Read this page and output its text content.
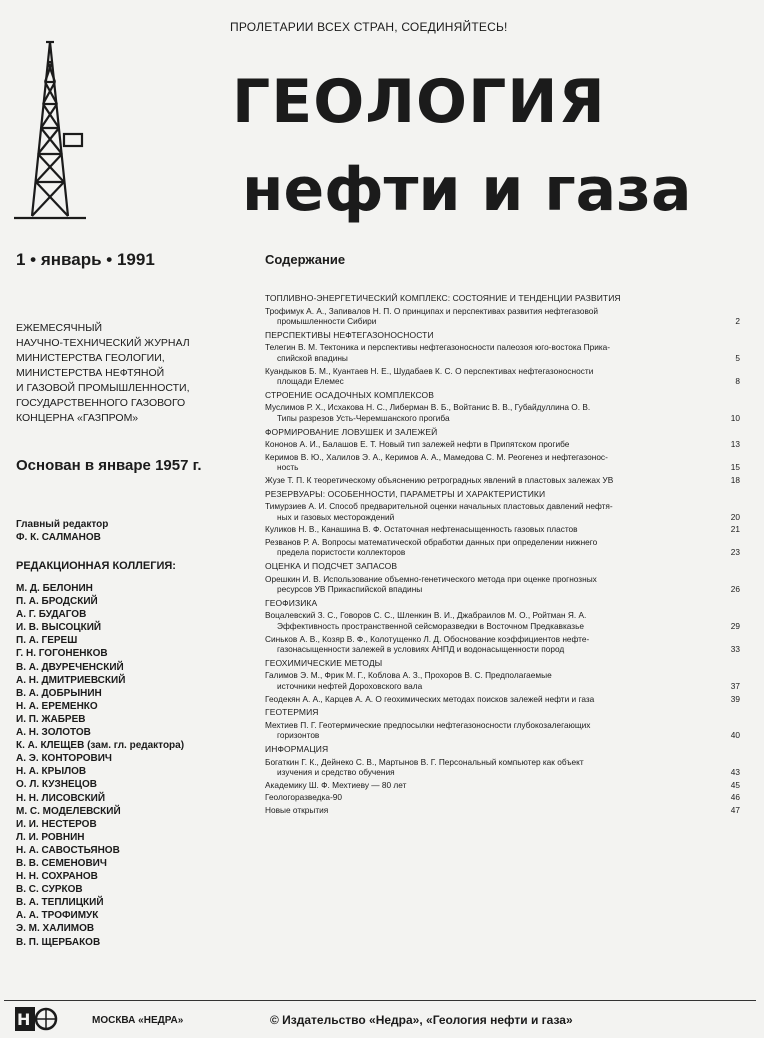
ПРОЛЕТАРИИ ВСЕХ СТРАН, СОЕДИНЯЙТЕСЬ!
ГЕОЛОГИЯ
нефти и газа
1 • январь • 1991
ЕЖЕМЕСЯЧНЫЙ
НАУЧНО-ТЕХНИЧЕСКИЙ ЖУРНАЛ
МИНИСТЕРСТВА ГЕОЛОГИИ,
МИНИСТЕРСТВА НЕФТЯНОЙ
И ГАЗОВОЙ ПРОМЫШЛЕННОСТИ,
ГОСУДАРСТВЕННОГО ГАЗОВОГО
КОНЦЕРНА «ГАЗПРОМ»
Основан в январе 1957 г.
Главный редактор
Ф. К. САЛМАНОВ
РЕДАКЦИОННАЯ КОЛЛЕГИЯ:
М. Д. БЕЛОНИН
П. А. БРОДСКИЙ
А. Г. БУДАГОВ
И. В. ВЫСОЦКИЙ
П. А. ГЕРЕШ
Г. Н. ГОГОНЕНКОВ
В. А. ДВУРЕЧЕНСКИЙ
А. Н. ДМИТРИЕВСКИЙ
В. А. ДОБРЫНИН
Н. А. ЕРЕМЕНКО
И. П. ЖАБРЕВ
А. Н. ЗОЛОТОВ
К. А. КЛЕЩЕВ (зам. гл. редактора)
А. Э. КОНТОРОВИЧ
Н. А. КРЫЛОВ
О. Л. КУЗНЕЦОВ
Н. Н. ЛИСОВСКИЙ
М. С. МОДЕЛЕВСКИЙ
И. И. НЕСТЕРОВ
Л. И. РОВНИН
Н. А. САВОСТЬЯНОВ
В. В. СЕМЕНОВИЧ
Н. Н. СОХРАНОВ
В. С. СУРКОВ
В. А. ТЕПЛИЦКИЙ
А. А. ТРОФИМУК
Э. М. ХАЛИМОВ
В. П. ЩЕРБАКОВ
Содержание
ТОПЛИВНО-ЭНЕРГЕТИЧЕСКИЙ КОМПЛЕКС: СОСТОЯНИЕ И ТЕНДЕНЦИИ РАЗВИТИЯ
Трофимук А. А., Запивалов Н. П. О принципах и перспективах развития нефтегазовой
промышленности Сибири	2
ПЕРСПЕКТИВЫ НЕФТЕГАЗОНОСНОСТИ
Телегин В. М. Тектоника и перспективы нефтегазоносности палеозоя юго-востока Прика-
спийской впадины	5
Куандыков Б. М., Куантаев Н. Е., Шудабаев К. С. О перспективах нефтегазоносности
площади Елемес	8
СТРОЕНИЕ ОСАДОЧНЫХ КОМПЛЕКСОВ
Муслимов Р. Х., Исхакова Н. С., Либерман В. Б., Войтанис В. В., Губайдуллина О. В.
Типы разрезов Усть-Черемшанского прогиба	10
ФОРМИРОВАНИЕ ЛОВУШЕК И ЗАЛЕЖЕЙ
Кононов А. И., Балашов Е. Т. Новый тип залежей нефти в Припятском прогибе	13
Керимов В. Ю., Халилов Э. А., Керимов А. А., Мамедова С. М. Реогенез и нефтегазонос-
ность	15
Жузе Т. П. К теоретическому объяснению ретроградных явлений в пластовых залежах УВ	18
РЕЗЕРВУАРЫ: ОСОБЕННОСТИ, ПАРАМЕТРЫ И ХАРАКТЕРИСТИКИ
Тимурзиев А. И. Способ предварительной оценки начальных пластовых давлений нефтя-
ных и газовых месторождений	20
Куликов Н. В., Канашина В. Ф. Остаточная нефтенасыщенность газовых пластов	21
Резванов Р. А. Вопросы математической обработки данных при определении нижнего
предела пористости коллекторов	23
ОЦЕНКА И ПОДСЧЕТ ЗАПАСОВ
Орешкин И. В. Использование объемно-генетического метода при оценке прогнозных
ресурсов УВ Прикаспийской впадины	26
ГЕОФИЗИКА
Воцалевский З. С., Говоров С. С., Шленкин В. И., Джабраилов М. О., Ройтман Я. А.
Эффективность пространственной сейсморазведки в Восточном Предкавказье	29
Синьков А. В., Козяр В. Ф., Колотущенко Л. Д. Обоснование коэффициентов нефте-
газонасыщенности залежей в условиях АНПД и водонасыщенности пород	33
ГЕОХИМИЧЕСКИЕ МЕТОДЫ
Галимов Э. М., Фрик М. Г., Коблова А. З., Прохоров В. С. Предполагаемые
источники нефтей Дороховского вала	37
Геодекян А. А., Карцев А. А. О геохимических методах поисков залежей нефти и газа	39
ГЕОТЕРМИЯ
Мехтиев П. Г. Геотермические предпосылки нефтегазоносности глубокозалегающих
горизонтов	40
ИНФОРМАЦИЯ
Богаткин Г. К., Дейнеко С. В., Мартынов В. Г. Персональный компьютер как объект
изучения и средство обучения	43
Академику Ш. Ф. Мехтиеву — 80 лет	45
Геологоразведка-90	46
Новые открытия	47
Н	МОСКВА «НЕДРА»	© Издательство «Недра», «Геология нефти и газа»
